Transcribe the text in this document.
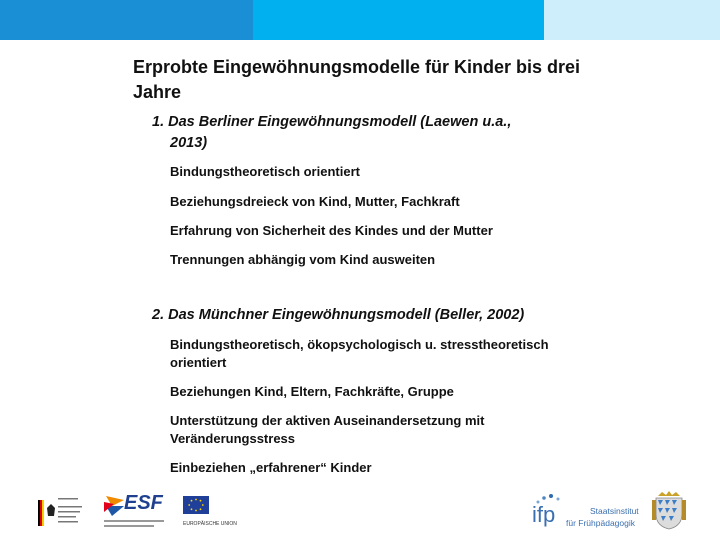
Erprobte Eingewöhnungsmodelle für Kinder bis drei Jahre

1. Das Berliner Eingewöhnungsmodell (Laewen u.a.,

2013)

Bindungstheoretisch orientiert

Beziehungsdreieck von Kind, Mutter, Fachkraft

Erfahrung von Sicherheit des Kindes und der Mutter

Trennungen abhängig vom Kind ausweiten

2. Das Münchner Eingewöhnungsmodell (Beller, 2002)

Bindungstheoretisch, ökopsychologisch u. stresstheoretisch

orientiert

Beziehungen Kind, Eltern, Fachkräfte, Gruppe

Unterstützung der aktiven Auseinandersetzung mit

Veränderungsstress

Einbeziehen „erfahrener“ Kinder

ESF
EUROPÄISCHE UNION	ifp	Staatsinstitut
für Frühpädagogik
